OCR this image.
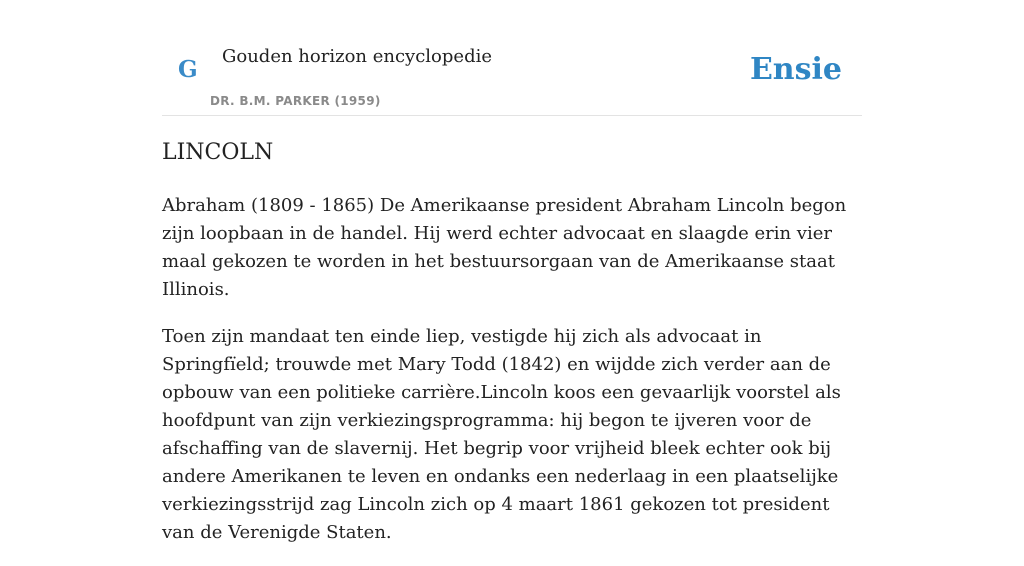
G Gouden horizon encyclopedie
DR. B.M. PARKER (1959)
Ensie
LINCOLN

Abraham (1809 - 1865) De Amerikaanse president Abraham Lincoln begon zijn loopbaan in de handel. Hij werd echter advocaat en slaagde erin vier maal gekozen te worden in het bestuursorgaan van de Amerikaanse staat Illinois.

Toen zijn mandaat ten einde liep, vestigde hij zich als advocaat in Springfïeld; trouwde met Mary Todd (1842) en wijdde zich verder aan de opbouw van een politieke carrière.Lincoln koos een gevaarlijk voorstel als hoofdpunt van zijn verkiezingsprogramma: hij begon te ijveren voor de afschaffing van de slavernij. Het begrip voor vrijheid bleek echter ook bij andere Amerikanen te leven en ondanks een nederlaag in een plaatselijke verkiezingsstrijd zag Lincoln zich op 4 maart 1861 gekozen tot president van de Verenigde Staten.
